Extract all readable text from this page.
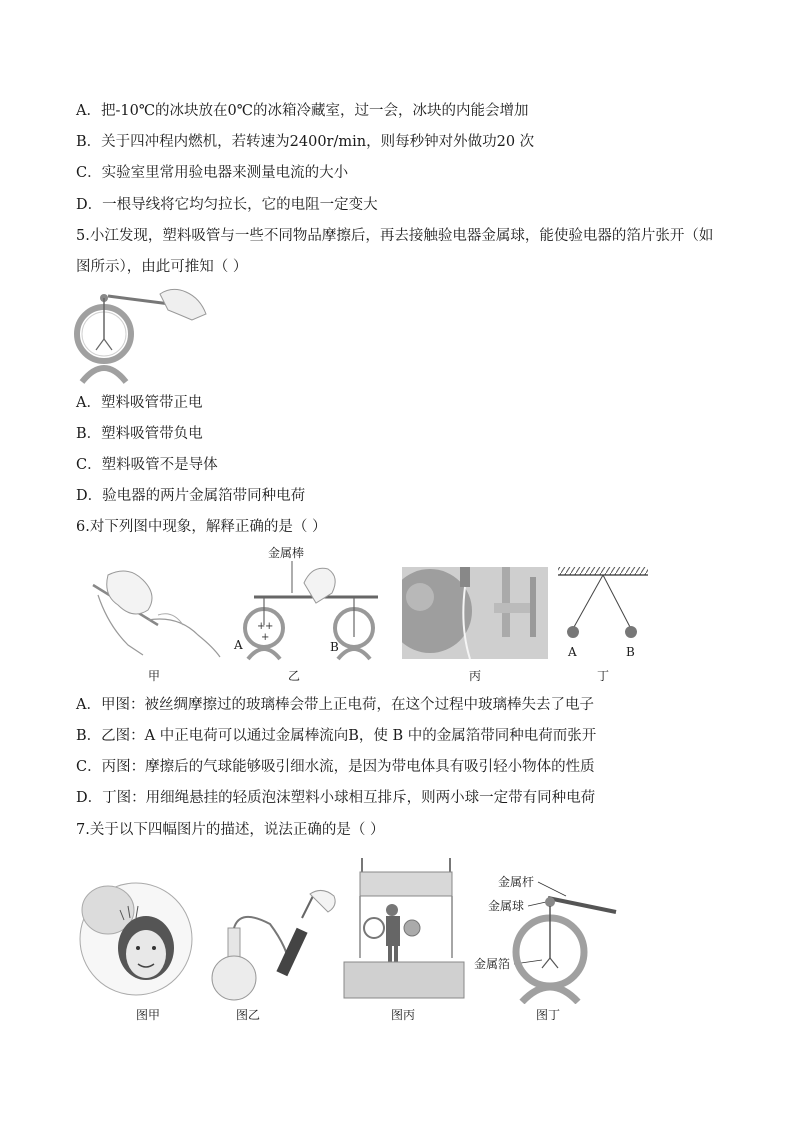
A．把-10℃的冰块放在0℃的冰箱冷藏室，过一会，冰块的内能会增加
B．关于四冲程内燃机，若转速为2400r/min，则每秒钟对外做功20 次
C．实验室里常用验电器来测量电流的大小
D．一根导线将它均匀拉长，它的电阻一定变大
5.小江发现，塑料吸管与一些不同物品摩擦后，再去接触验电器金属球，能使验电器的箔片张开（如
图所示），由此可推知（ ）
A．塑料吸管带正电
B．塑料吸管带负电
C．塑料吸管不是导体
D．验电器的两片金属箔带同种电荷
6.对下列图中现象，解释正确的是（ ）
甲
金属棒
+ +
+
A	B
乙	丙
A	B
丁
A．甲图：被丝绸摩擦过的玻璃棒会带上正电荷，在这个过程中玻璃棒失去了电子
B．乙图：A 中正电荷可以通过金属棒流向B，使 B 中的金属箔带同种电荷而张开
C．丙图：摩擦后的气球能够吸引细水流，是因为带电体具有吸引轻小物体的性质
D．丁图：用细绳悬挂的轻质泡沫塑料小球相互排斥，则两小球一定带有同种电荷
7.关于以下四幅图片的描述，说法正确的是（ ）
图甲	图乙	图丙
金属杆
金属球
金属箔
图丁
